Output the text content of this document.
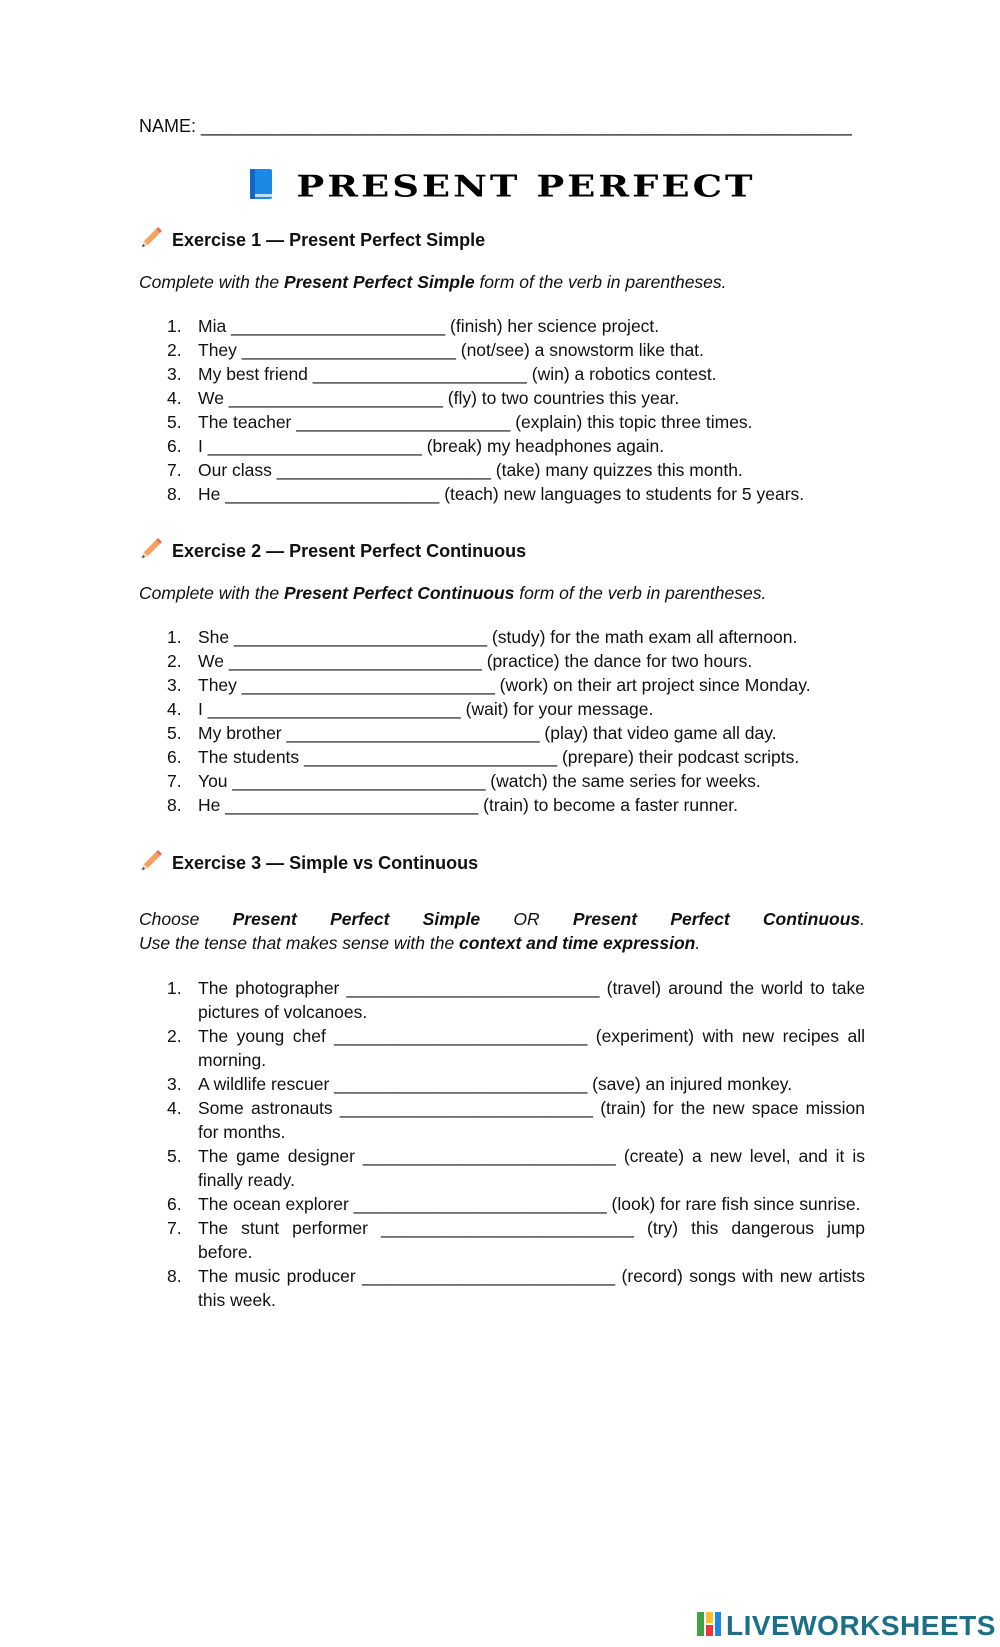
NAME: _________________________________________________________________
PRESENT PERFECT
Exercise 1 — Present Perfect Simple
Complete with the Present Perfect Simple form of the verb in parentheses.
1. Mia ______________________ (finish) her science project.
2. They ______________________ (not/see) a snowstorm like that.
3. My best friend ______________________ (win) a robotics contest.
4. We ______________________ (fly) to two countries this year.
5. The teacher ______________________ (explain) this topic three times.
6. I ______________________ (break) my headphones again.
7. Our class ______________________ (take) many quizzes this month.
8. He ______________________ (teach) new languages to students for 5 years.
Exercise 2 — Present Perfect Continuous
Complete with the Present Perfect Continuous form of the verb in parentheses.
1. She __________________________ (study) for the math exam all afternoon.
2. We __________________________ (practice) the dance for two hours.
3. They __________________________ (work) on their art project since Monday.
4. I __________________________ (wait) for your message.
5. My brother __________________________ (play) that video game all day.
6. The students __________________________ (prepare) their podcast scripts.
7. You __________________________ (watch) the same series for weeks.
8. He __________________________ (train) to become a faster runner.
Exercise 3 — Simple vs Continuous
Choose Present Perfect Simple OR Present Perfect Continuous.
Use the tense that makes sense with the context and time expression.
1. The photographer __________________________ (travel) around the world to take pictures of volcanoes.
2. The young chef __________________________ (experiment) with new recipes all morning.
3. A wildlife rescuer __________________________ (save) an injured monkey.
4. Some astronauts __________________________ (train) for the new space mission for months.
5. The game designer __________________________ (create) a new level, and it is finally ready.
6. The ocean explorer __________________________ (look) for rare fish since sunrise.
7. The stunt performer __________________________ (try) this dangerous jump before.
8. The music producer __________________________ (record) songs with new artists this week.
LIVEWORKSHEETS
